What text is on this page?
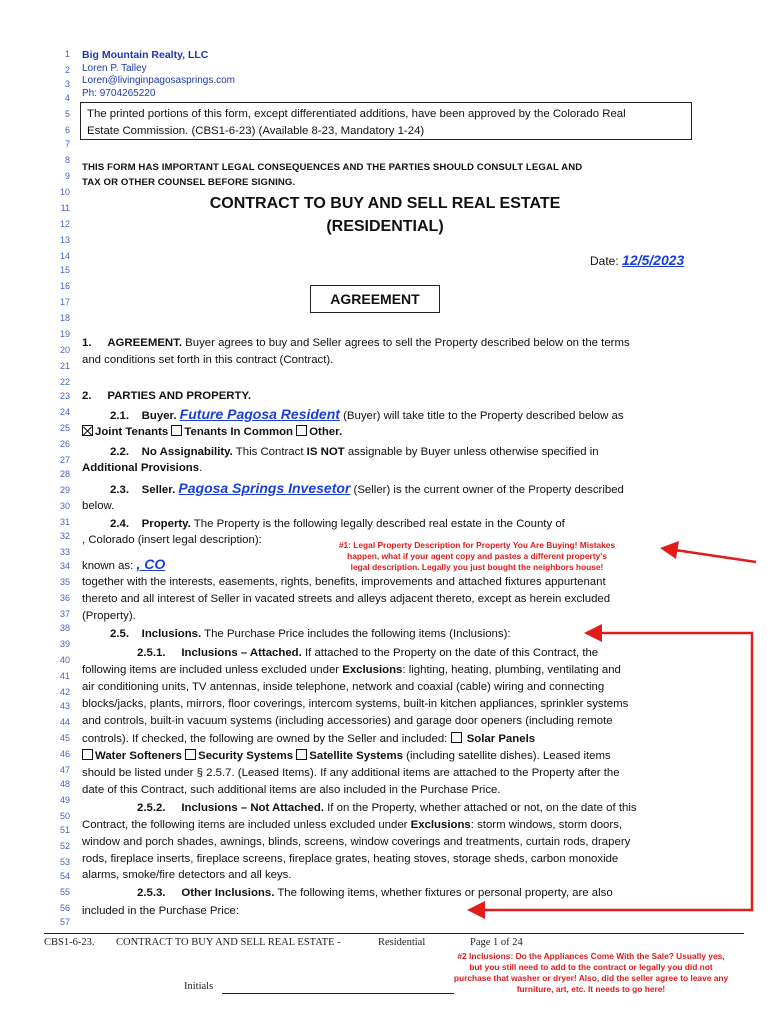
1
2
3
4
5
6
7
8
9
10
11
12
13
14
15
16
17
18
19
20
21
22
23
24
25
26
27
28
29
30
31
32
33
34
35
36
37
38
39
40
41
42
43
44
45
46
47
48
49
50
51
52
53
54
55
56
57
Big Mountain Realty, LLC
Loren P. Talley
Loren@livinginpagosasprings.com
Ph: 9704265220
The printed portions of this form, except differentiated additions, have been approved by the Colorado Real
Estate Commission. (CBS1-6-23) (Available 8-23, Mandatory 1-24)
THIS FORM HAS IMPORTANT LEGAL CONSEQUENCES AND THE PARTIES SHOULD CONSULT LEGAL AND
TAX OR OTHER COUNSEL BEFORE SIGNING.
CONTRACT TO BUY AND SELL REAL ESTATE
(RESIDENTIAL)
Date: 12/5/2023
AGREEMENT
1. AGREEMENT. Buyer agrees to buy and Seller agrees to sell the Property described below on the terms
and conditions set forth in this contract (Contract).
2.     PARTIES AND PROPERTY.
2.1. Buyer. Future Pagosa Resident (Buyer) will take title to the Property described below as
Joint Tenants Tenants In Common Other.
2.2. No Assignability. This Contract IS NOT assignable by Buyer unless otherwise specified in
Additional Provisions.
2.3. Seller. Pagosa Springs Invesetor (Seller) is the current owner of the Property described
below.
2.4. Property. The Property is the following legally described real estate in the County of
, Colorado (insert legal description):
known as: , CO
together with the interests, easements, rights, benefits, improvements and attached fixtures appurtenant
thereto and all interest of Seller in vacated streets and alleys adjacent thereto, except as herein excluded
(Property).
2.5. Inclusions. The Purchase Price includes the following items (Inclusions):
2.5.1. Inclusions – Attached. If attached to the Property on the date of this Contract, the
following items are included unless excluded under Exclusions: lighting, heating, plumbing, ventilating and
air conditioning units, TV antennas, inside telephone, network and coaxial (cable) wiring and connecting
blocks/jacks, plants, mirrors, floor coverings, intercom systems, built-in kitchen appliances, sprinkler systems
and controls, built-in vacuum systems (including accessories) and garage door openers (including remote
controls). If checked, the following are owned by the Seller and included:  Solar Panels
Water Softeners Security Systems Satellite Systems (including satellite dishes). Leased items
should be listed under § 2.5.7. (Leased Items). If any additional items are attached to the Property after the
date of this Contract, such additional items are also included in the Purchase Price.
2.5.2. Inclusions – Not Attached. If on the Property, whether attached or not, on the date of this
Contract, the following items are included unless excluded under Exclusions: storm windows, storm doors,
window and porch shades, awnings, blinds, screens, window coverings and treatments, curtain rods, drapery
rods, fireplace inserts, fireplace screens, fireplace grates, heating stoves, storage sheds, carbon monoxide
alarms, smoke/fire detectors and all keys.
2.5.3. Other Inclusions. The following items, whether fixtures or personal property, are also
included in the Purchase Price:
#1: Legal Property Description for Property You Are Buying! Mistakes
happen, what if your agent copy and pastes a different property's
legal description. Legally you just bought the neighbors house!
CBS1-6-23. CONTRACT TO BUY AND SELL REAL ESTATE -	Residential	Page 1 of 24
Initials
#2 Inclusions: Do the Appliances Come With the Sale? Usually yes,
but you still need to add to the contract or legally you did not
purchase that washer or dryer! Also, did the seller agree to leave any
furniture, art, etc. It needs to go here!
